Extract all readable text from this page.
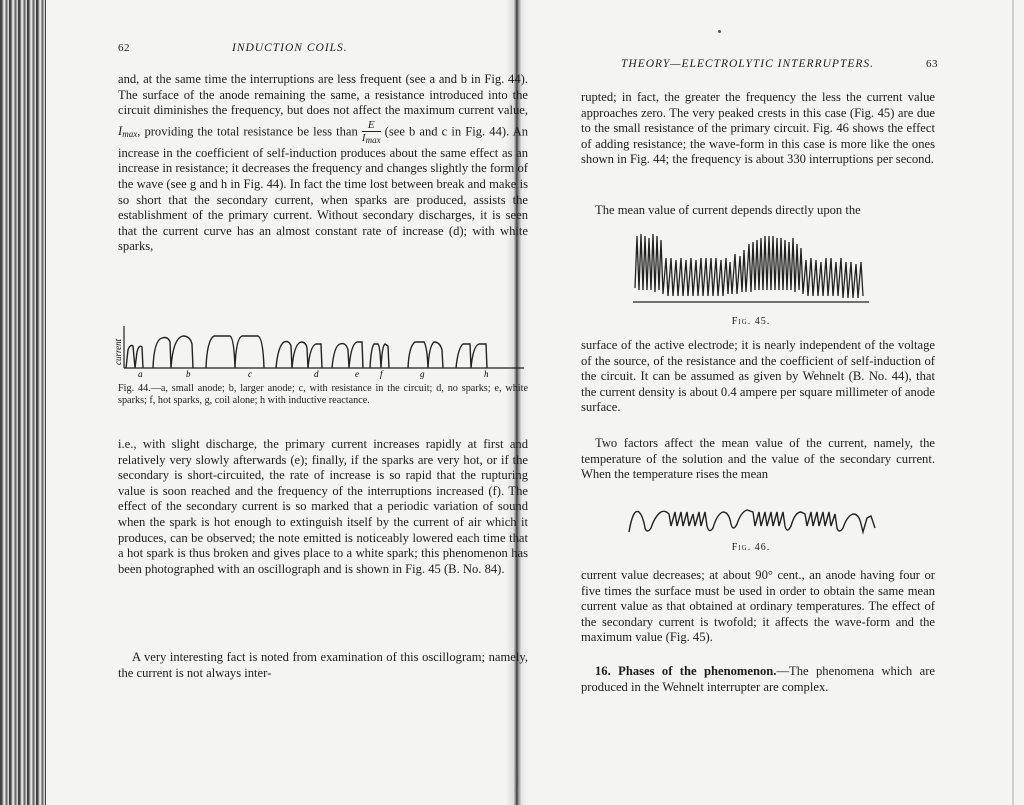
62	INDUCTION COILS.

and, at the same time the interruptions are less frequent (see a and b in Fig. 44). The surface of the anode remaining the same, a resistance introduced into the circuit diminishes the frequency, but does not affect the maximum current value, $I_{max}$, providing the total resistance be less than $\frac{E}{I_{max}} (see$ b and c in Fig. 44). An increase in the coefficient of self-induction produces about the same effect as an increase in resistance; it decreases the frequency and changes slightly the form of the wave (see g and h in Fig. 44). In fact the time lost between break and make is so short that the secondary current, when sparks are produced, assists the establishment of the primary current. Without secondary discharges, it is seen that the current curve has an almost constant rate of increase (d); with white sparks,

current
a	b	c	d	e f	g	h
Fig. 44.—a, small anode; b, larger anode; c, with resistance in the circuit; d, no sparks; e, white sparks; f, hot sparks, g, coil alone; h with inductive reactance.

i.e., with slight discharge, the primary current increases rapidly at first and relatively very slowly afterwards (e); finally, if the sparks are very hot, or if the secondary is short-circuited, the rate of increase is so rapid that the rupturing value is soon reached and the frequency of the interruptions increased (f). The effect of the secondary current is so marked that a periodic variation of sound when the spark is hot enough to extinguish itself by the current of air which it produces, can be observed; the note emitted is noticeably lowered each time that a hot spark is thus broken and gives place to a white spark; this phenomenon has been photographed with an oscillograph and is shown in Fig. 45 (B. No. 84).

A very interesting fact is noted from examination of this oscillogram; namely, the current is not always inter-

THEORY—ELECTROLYTIC INTERRUPTERS.	63

rupted; in fact, the greater the frequency the less the current value approaches zero. The very peaked crests in this case (Fig. 45) are due to the small resistance of the primary circuit. Fig. 46 shows the effect of adding resistance; the wave-form in this case is more like the ones shown in Fig. 44; the frequency is about 330 interruptions per second.

The mean value of current depends directly upon the

Fig. 45.

surface of the active electrode; it is nearly independent of the voltage of the source, of the resistance and the coefficient of self-induction of the circuit. It can be assumed as given by Wehnelt (B. No. 44), that the current density is about 0.4 ampere per square millimeter of anode surface.

Two factors affect the mean value of the current, namely, the temperature of the solution and the value of the secondary current. When the temperature rises the mean

Fig. 46.

current value decreases; at about 90° cent., an anode having four or five times the surface must be used in order to obtain the same mean current value as that obtained at ordinary temperatures. The effect of the secondary current is twofold; it affects the wave-form and the maximum value (Fig. 45).

16. Phases of the phenomenon.—The phenomena which are produced in the Wehnelt interrupter are complex.
